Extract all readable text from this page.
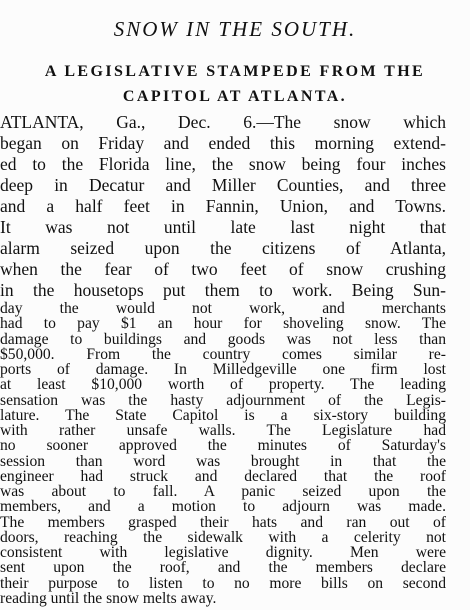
SNOW IN THE SOUTH.
A LEGISLATIVE STAMPEDE FROM THE
CAPITOL AT ATLANTA.
ATLANTA, Ga., Dec. 6.—The snow which
began on Friday and ended this morning extend-
ed to the Florida line, the snow being four inches
deep in Decatur and Miller Counties, and three
and a half feet in Fannin, Union, and Towns.
It was not until late last night that
alarm seized upon the citizens of Atlanta,
when the fear of two feet of snow crushing
in the housetops put them to work. Being Sun-
day the would not work, and merchants
had to pay $1 an hour for shoveling snow. The
damage to buildings and goods was not less than
$50,000. From the country comes similar re-
ports of damage. In Milledgeville one firm lost
at least $10,000 worth of property. The leading
sensation was the hasty adjournment of the Legis-
lature. The State Capitol is a six-story building
with rather unsafe walls. The Legislature had
no sooner approved the minutes of Saturday's
session than word was brought in that the
engineer had struck and declared that the roof
was about to fall. A panic seized upon the
members, and a motion to adjourn was made.
The members grasped their hats and ran out of
doors, reaching the sidewalk with a celerity not
consistent with legislative dignity. Men were
sent upon the roof, and the members declare
their purpose to listen to no more bills on second
reading until the snow melts away.
